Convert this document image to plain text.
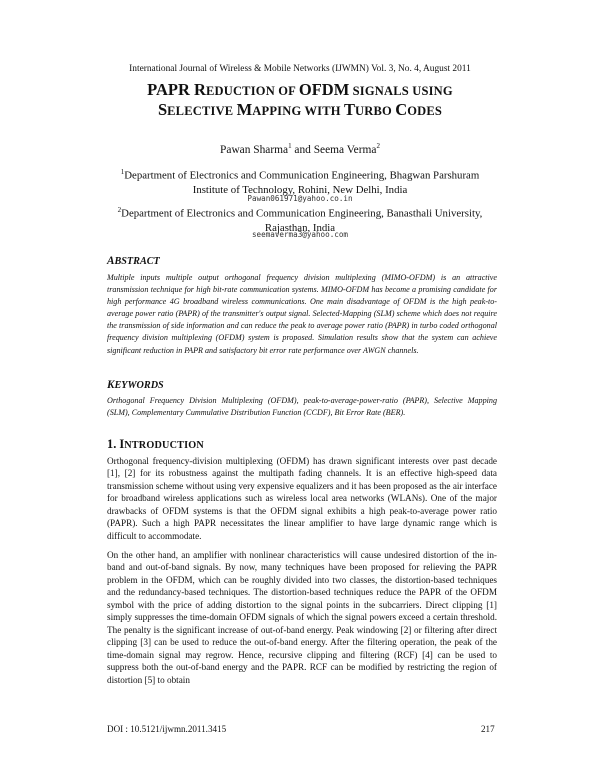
International Journal of Wireless & Mobile Networks (IJWMN) Vol. 3, No. 4, August 2011
PAPR REDUCTION OF OFDM SIGNALS USING
SELECTIVE MAPPING WITH TURBO CODES
Pawan Sharma$^1$ and Seema Verma$^2$
$^1$Department of Electronics and Communication Engineering, Bhagwan Parshuram
Institute of Technology, Rohini, New Delhi, India
Pawan061971@yahoo.co.in
$^2$Department of Electronics and Communication Engineering, Banasthali University,
Rajasthan, India
seemaverma3@yahoo.com
ABSTRACT
Multiple inputs multiple output orthogonal frequency division multiplexing (MIMO-OFDM) is an attractive transmission technique for high bit-rate communication systems. MIMO-OFDM has become a promising candidate for high performance 4G broadband wireless communications. One main disadvantage of OFDM is the high peak-to-average power ratio (PAPR) of the transmitter's output signal. Selected-Mapping (SLM) scheme which does not require the transmission of side information and can reduce the peak to average power ratio (PAPR) in turbo coded orthogonal frequency division multiplexing (OFDM) system is proposed. Simulation results show that the system can achieve significant reduction in PAPR and satisfactory bit error rate performance over AWGN channels.
KEYWORDS
Orthogonal Frequency Division Multiplexing (OFDM), peak-to-average-power-ratio (PAPR), Selective Mapping (SLM), Complementary Cummulative Distribution Function (CCDF), Bit Error Rate (BER).
1. INTRODUCTION
Orthogonal frequency-division multiplexing (OFDM) has drawn significant interests over past decade [1], [2] for its robustness against the multipath fading channels. It is an effective high-speed data transmission scheme without using very expensive equalizers and it has been proposed as the air interface for broadband wireless applications such as wireless local area networks (WLANs). One of the major drawbacks of OFDM systems is that the OFDM signal exhibits a high peak-to-average power ratio (PAPR). Such a high PAPR necessitates the linear amplifier to have large dynamic range which is difficult to accommodate.
On the other hand, an amplifier with nonlinear characteristics will cause undesired distortion of the in-band and out-of-band signals. By now, many techniques have been proposed for relieving the PAPR problem in the OFDM, which can be roughly divided into two classes, the distortion-based techniques and the redundancy-based techniques. The distortion-based techniques reduce the PAPR of the OFDM symbol with the price of adding distortion to the signal points in the subcarriers. Direct clipping [1] simply suppresses the time-domain OFDM signals of which the signal powers exceed a certain threshold. The penalty is the significant increase of out-of-band energy. Peak windowing [2] or filtering after direct clipping [3] can be used to reduce the out-of-band energy. After the filtering operation, the peak of the time-domain signal may regrow. Hence, recursive clipping and filtering (RCF) [4] can be used to suppress both the out-of-band energy and the PAPR. RCF can be modified by restricting the region of distortion [5] to obtain
DOI : 10.5121/ijwmn.2011.3415	217
